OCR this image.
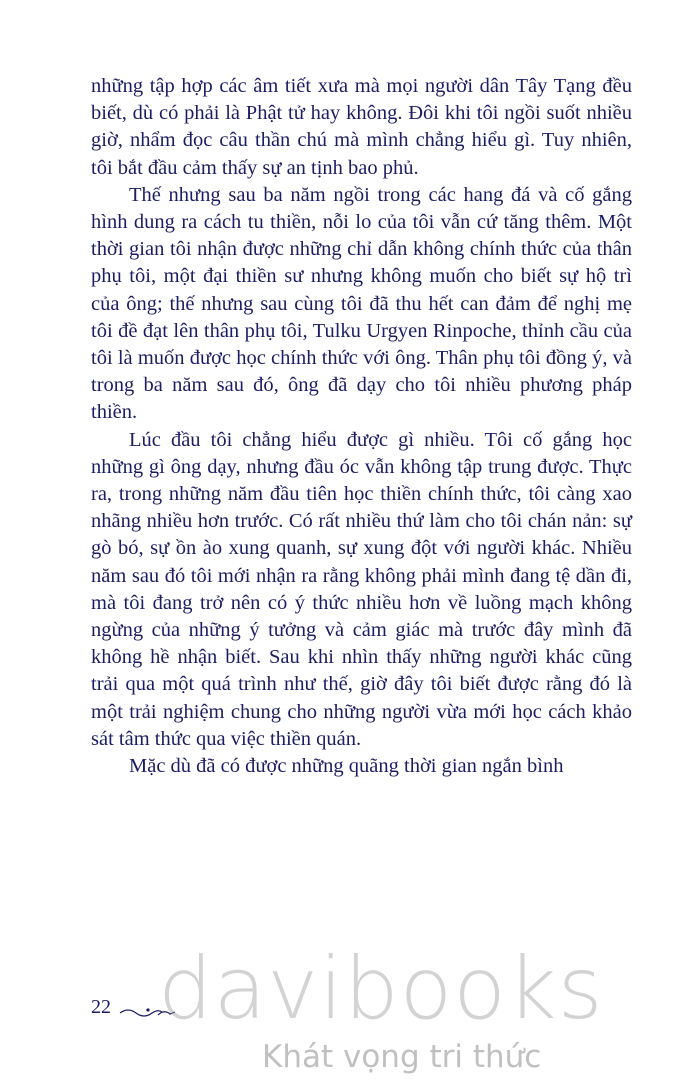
những tập hợp các âm tiết xưa mà mọi người dân Tây Tạng đều biết, dù có phải là Phật tử hay không. Đôi khi tôi ngồi suốt nhiều giờ, nhẩm đọc câu thần chú mà mình chẳng hiểu gì. Tuy nhiên, tôi bắt đầu cảm thấy sự an tịnh bao phủ.

Thế nhưng sau ba năm ngồi trong các hang đá và cố gắng hình dung ra cách tu thiền, nỗi lo của tôi vẫn cứ tăng thêm. Một thời gian tôi nhận được những chỉ dẫn không chính thức của thân phụ tôi, một đại thiền sư nhưng không muốn cho biết sự hộ trì của ông; thế nhưng sau cùng tôi đã thu hết can đảm để nghị mẹ tôi đề đạt lên thân phụ tôi, Tulku Urgyen Rinpoche, thỉnh cầu của tôi là muốn được học chính thức với ông. Thân phụ tôi đồng ý, và trong ba năm sau đó, ông đã dạy cho tôi nhiều phương pháp thiền.

Lúc đầu tôi chẳng hiểu được gì nhiều. Tôi cố gắng học những gì ông dạy, nhưng đầu óc vẫn không tập trung được. Thực ra, trong những năm đầu tiên học thiền chính thức, tôi càng xao nhãng nhiều hơn trước. Có rất nhiều thứ làm cho tôi chán nản: sự gò bó, sự ồn ào xung quanh, sự xung đột với người khác. Nhiều năm sau đó tôi mới nhận ra rằng không phải mình đang tệ dần đi, mà tôi đang trở nên có ý thức nhiều hơn về luồng mạch không ngừng của những ý tưởng và cảm giác mà trước đây mình đã không hề nhận biết. Sau khi nhìn thấy những người khác cũng trải qua một quá trình như thế, giờ đây tôi biết được rằng đó là một trải nghiệm chung cho những người vừa mới học cách khảo sát tâm thức qua việc thiền quán.

Mặc dù đã có được những quãng thời gian ngắn bình

22 davibooks
Khát vọng tri thức
